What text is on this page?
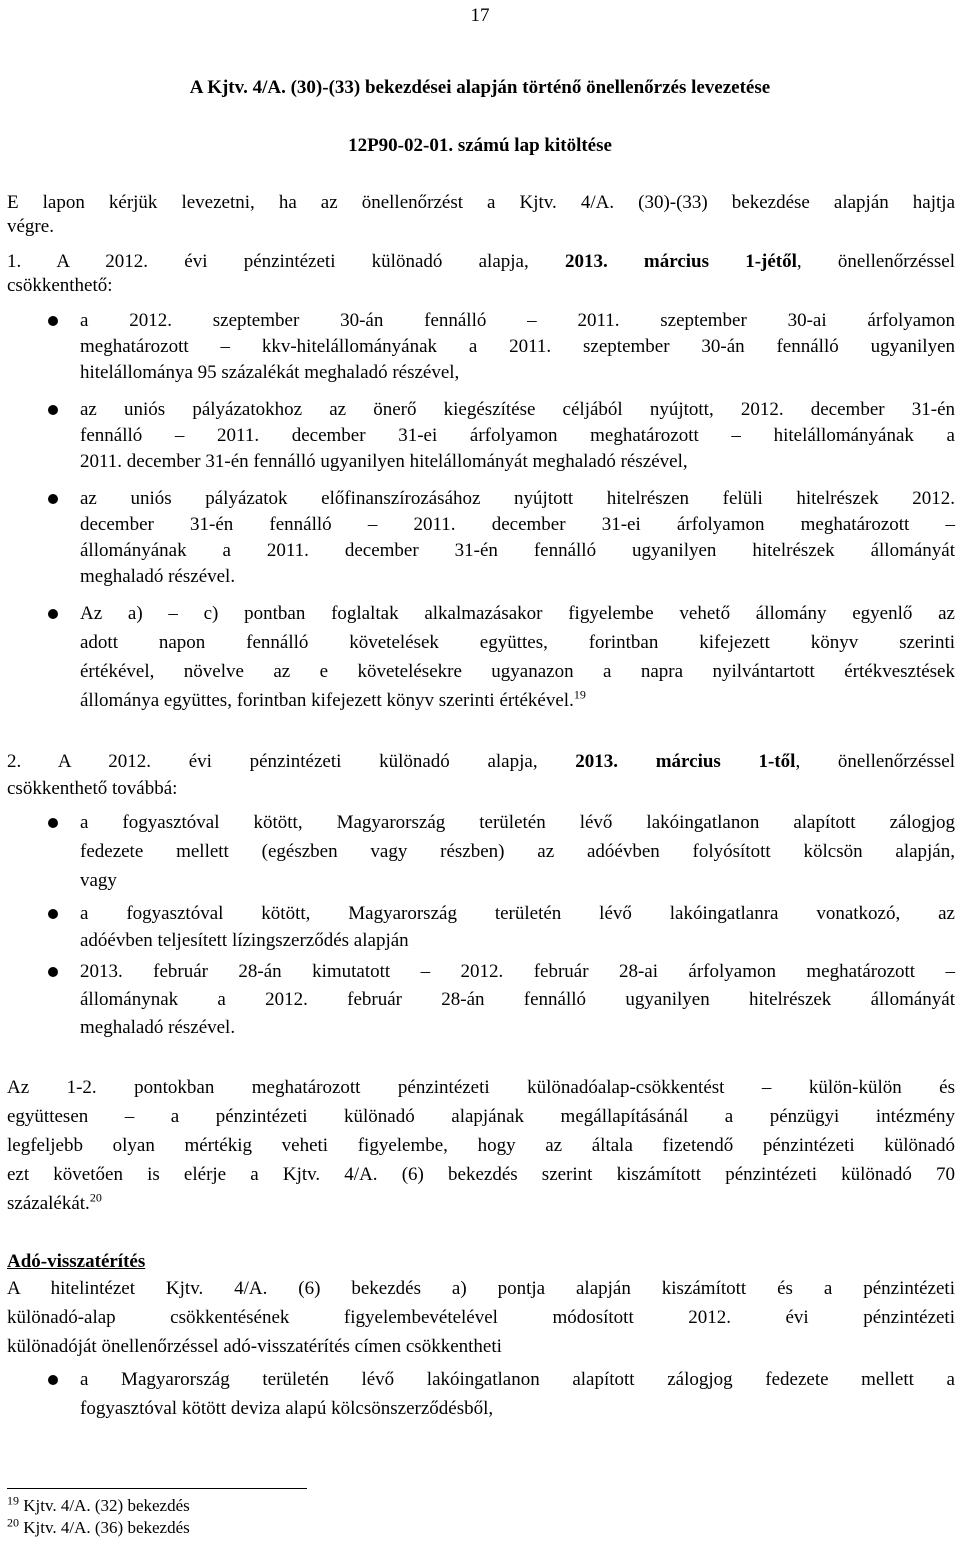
17
A Kjtv. 4/A. (30)-(33) bekezdései alapján történő önellenőrzés levezetése
12P90-02-01. számú lap kitöltése
E lapon kérjük levezetni, ha az önellenőrzést a Kjtv. 4/A. (30)-(33) bekezdése alapján hajtja
végre.
1. A 2012. évi pénzintézeti különadó alapja, 2013. március 1-jétől, önellenőrzéssel
csökkenthető:
a 2012. szeptember 30-án fennálló – 2011. szeptember 30-ai árfolyamon
meghatározott – kkv-hitelállományának a 2011. szeptember 30-án fennálló ugyanilyen
hitelállománya 95 százalékát meghaladó részével,
az uniós pályázatokhoz az önerő kiegészítése céljából nyújtott, 2012. december 31-én
fennálló – 2011. december 31-ei árfolyamon meghatározott – hitelállományának a
2011. december 31-én fennálló ugyanilyen hitelállományát meghaladó részével,
az uniós pályázatok előfinanszírozásához nyújtott hitelrészen felüli hitelrészek 2012.
december 31-én fennálló – 2011. december 31-ei árfolyamon meghatározott –
állományának a 2011. december 31-én fennálló ugyanilyen hitelrészek állományát
meghaladó részével.
Az a) – c) pontban foglaltak alkalmazásakor figyelembe vehető állomány egyenlő az
adott napon fennálló követelések együttes, forintban kifejezett könyv szerinti
értékével, növelve az e követelésekre ugyanazon a napra nyilvántartott értékvesztések
állománya együttes, forintban kifejezett könyv szerinti értékével.$^{19}$
2. A 2012. évi pénzintézeti különadó alapja, 2013. március 1-től, önellenőrzéssel
csökkenthető továbbá:
a fogyasztóval kötött, Magyarország területén lévő lakóingatlanon alapított zálogjog
fedezete mellett (egészben vagy részben) az adóévben folyósított kölcsön alapján,
vagy
a fogyasztóval kötött, Magyarország területén lévő lakóingatlanra vonatkozó, az
adóévben teljesített lízingszerződés alapján
2013. február 28-án kimutatott – 2012. február 28-ai árfolyamon meghatározott –
állománynak a 2012. február 28-án fennálló ugyanilyen hitelrészek állományát
meghaladó részével.
Az 1-2. pontokban meghatározott pénzintézeti különadóalap-csökkentést – külön-külön és
együttesen – a pénzintézeti különadó alapjának megállapításánál a pénzügyi intézmény
legfeljebb olyan mértékig veheti figyelembe, hogy az általa fizetendő pénzintézeti különadó
ezt követően is elérje a Kjtv. 4/A. (6) bekezdés szerint kiszámított pénzintézeti különadó 70
százalékát.$^{20}$
Adó-visszatérítés
A hitelintézet Kjtv. 4/A. (6) bekezdés a) pontja alapján kiszámított és a pénzintézeti
különadó-alap csökkentésének figyelembevételével módosított 2012. évi pénzintézeti
különadóját önellenőrzéssel adó-visszatérítés címen csökkentheti
a Magyarország területén lévő lakóingatlanon alapított zálogjog fedezete mellett a
fogyasztóval kötött deviza alapú kölcsönszerződésből,
$^{19}$ Kjtv. 4/A. (32) bekezdés
$^{20}$ Kjtv. 4/A. (36) bekezdés
